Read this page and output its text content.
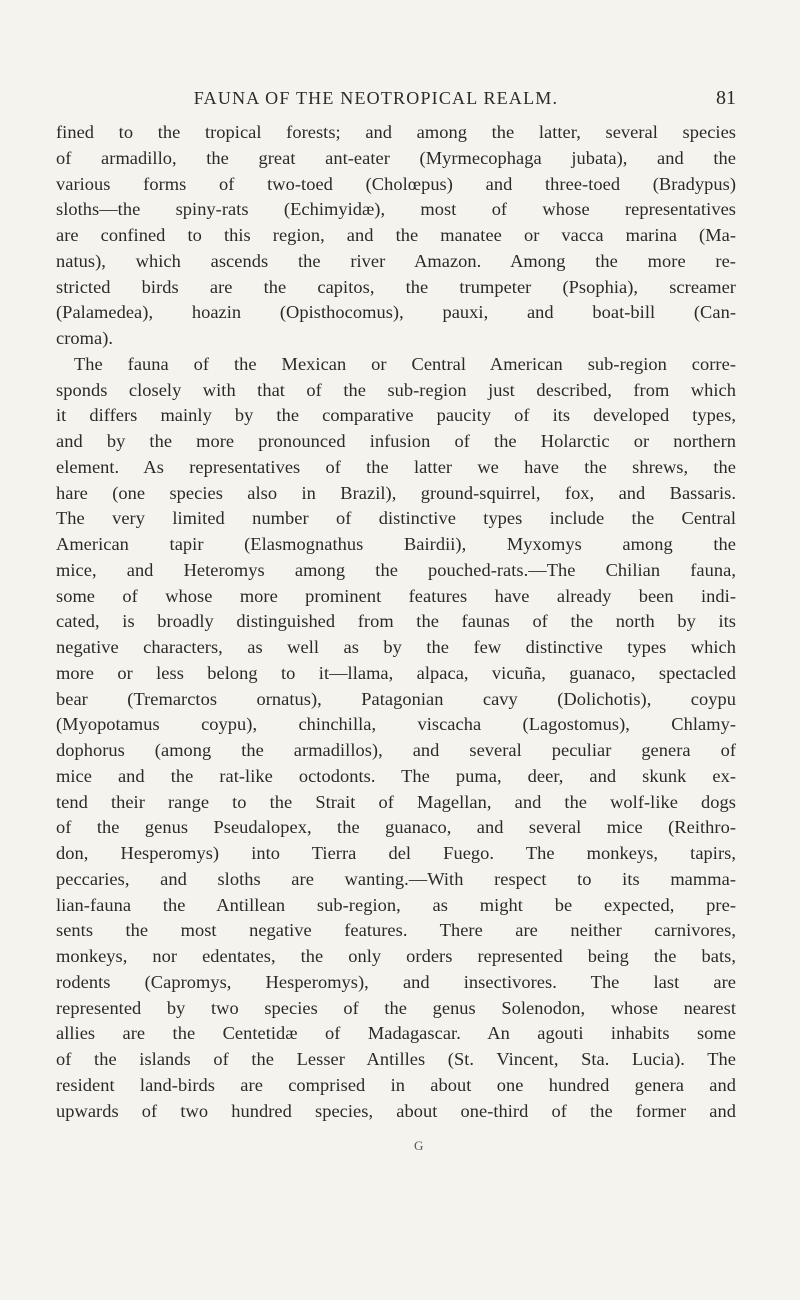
FAUNA OF THE NEOTROPICAL REALM.	81
fined to the tropical forests; and among the latter, several species
of armadillo, the great ant-eater (Myrmecophaga jubata), and the
various forms of two-toed (Cholœpus) and three-toed (Bradypus)
sloths—the spiny-rats (Echimyidæ), most of whose representatives
are confined to this region, and the manatee or vacca marina (Ma-
natus), which ascends the river Amazon. Among the more re-
stricted birds are the capitos, the trumpeter (Psophia), screamer
(Palamedea), hoazin (Opisthocomus), pauxi, and boat-bill (Can-
croma).
The fauna of the Mexican or Central American sub-region corre-
sponds closely with that of the sub-region just described, from which
it differs mainly by the comparative paucity of its developed types,
and by the more pronounced infusion of the Holarctic or northern
element. As representatives of the latter we have the shrews, the
hare (one species also in Brazil), ground-squirrel, fox, and Bassaris.
The very limited number of distinctive types include the Central
American tapir (Elasmognathus Bairdii), Myxomys among the
mice, and Heteromys among the pouched-rats.—The Chilian fauna,
some of whose more prominent features have already been indi-
cated, is broadly distinguished from the faunas of the north by its
negative characters, as well as by the few distinctive types which
more or less belong to it—llama, alpaca, vicuña, guanaco, spectacled
bear (Tremarctos ornatus), Patagonian cavy (Dolichotis), coypu
(Myopotamus coypu), chinchilla, viscacha (Lagostomus), Chlamy-
dophorus (among the armadillos), and several peculiar genera of
mice and the rat-like octodonts. The puma, deer, and skunk ex-
tend their range to the Strait of Magellan, and the wolf-like dogs
of the genus Pseudalopex, the guanaco, and several mice (Reithro-
don, Hesperomys) into Tierra del Fuego. The monkeys, tapirs,
peccaries, and sloths are wanting.—With respect to its mamma-
lian-fauna the Antillean sub-region, as might be expected, pre-
sents the most negative features. There are neither carnivores,
monkeys, nor edentates, the only orders represented being the bats,
rodents (Capromys, Hesperomys), and insectivores. The last are
represented by two species of the genus Solenodon, whose nearest
allies are the Centetidæ of Madagascar. An agouti inhabits some
of the islands of the Lesser Antilles (St. Vincent, Sta. Lucia). The
resident land-birds are comprised in about one hundred genera and
upwards of two hundred species, about one-third of the former and
G
